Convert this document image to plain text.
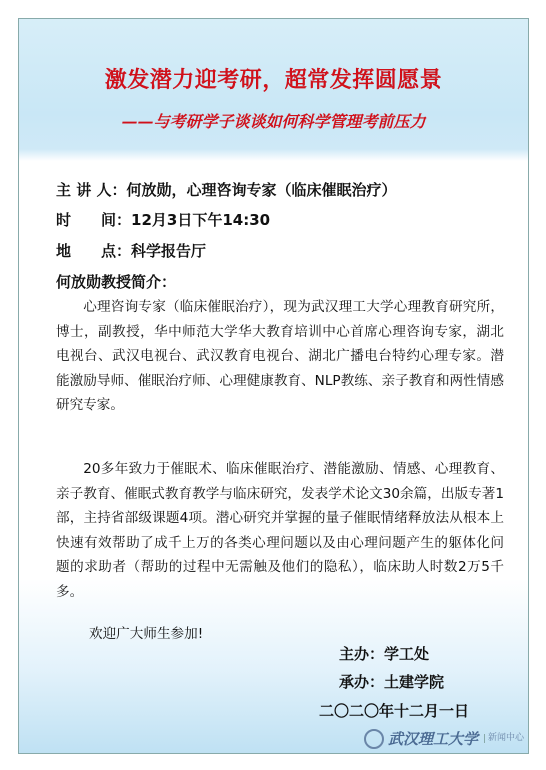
激发潜力迎考研，超常发挥圆愿景
——与考研学子谈谈如何科学管理考前压力
主 讲 人：何放勋，心理咨询专家（临床催眠治疗）
时　　间：12月3日下午14:30
地　　点：科学报告厅
何放勋教授简介：
心理咨询专家（临床催眠治疗），现为武汉理工大学心理教育研究所，博士，副教授，华中师范大学华大教育培训中心首席心理咨询专家，湖北电视台、武汉电视台、武汉教育电视台、湖北广播电台特约心理专家。潜能激励导师、催眠治疗师、心理健康教育、NLP教练、亲子教育和两性情感研究专家。
20多年致力于催眠术、临床催眠治疗、潜能激励、情感、心理教育、亲子教育、催眠式教育教学与临床研究，发表学术论文30余篇，出版专著1部，主持省部级课题4项。潜心研究并掌握的量子催眠情绪释放法从根本上快速有效帮助了成千上万的各类心理问题以及由心理问题产生的躯体化问题的求助者（帮助的过程中无需触及他们的隐私），临床助人时数2万5千多。
欢迎广大师生参加!
主办：学工处
承办：土建学院
二〇二〇年十二月一日
武汉理工大学	新闻中心
